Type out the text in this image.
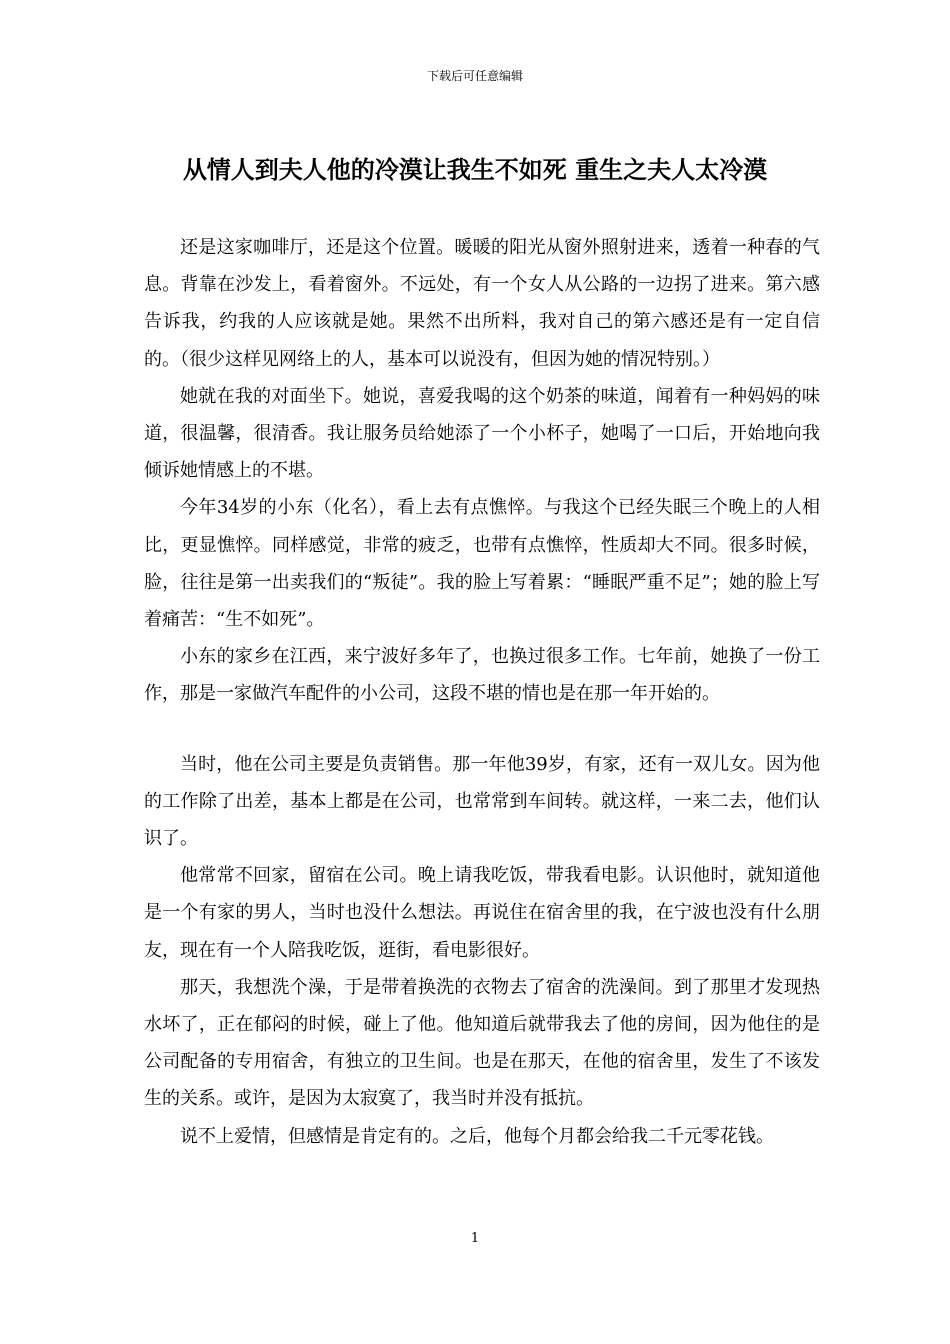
下载后可任意编辑
从情人到夫人他的冷漠让我生不如死 重生之夫人太冷漠

还是这家咖啡厅，还是这个位置。暖暖的阳光从窗外照射进来，透着一种春的气息。背靠在沙发上，看着窗外。不远处，有一个女人从公路的一边拐了进来。第六感告诉我，约我的人应该就是她。果然不出所料，我对自己的第六感还是有一定自信的。（很少这样见网络上的人，基本可以说没有，但因为她的情况特别。）

她就在我的对面坐下。她说，喜爱我喝的这个奶茶的味道，闻着有一种妈妈的味道，很温馨，很清香。我让服务员给她添了一个小杯子，她喝了一口后，开始地向我倾诉她情感上的不堪。

今年34岁的小东（化名），看上去有点憔悴。与我这个已经失眠三个晚上的人相比，更显憔悴。同样感觉，非常的疲乏，也带有点憔悴，性质却大不同。很多时候，脸，往往是第一出卖我们的“叛徒”。我的脸上写着累：“睡眠严重不足”；她的脸上写着痛苦：“生不如死”。

小东的家乡在江西，来宁波好多年了，也换过很多工作。七年前，她换了一份工作，那是一家做汽车配件的小公司，这段不堪的情也是在那一年开始的。

当时，他在公司主要是负责销售。那一年他39岁，有家，还有一双儿女。因为他的工作除了出差，基本上都是在公司，也常常到车间转。就这样，一来二去，他们认识了。

他常常不回家，留宿在公司。晚上请我吃饭，带我看电影。认识他时，就知道他是一个有家的男人，当时也没什么想法。再说住在宿舍里的我，在宁波也没有什么朋友，现在有一个人陪我吃饭，逛街，看电影很好。

那天，我想洗个澡，于是带着换洗的衣物去了宿舍的洗澡间。到了那里才发现热水坏了，正在郁闷的时候，碰上了他。他知道后就带我去了他的房间，因为他住的是公司配备的专用宿舍，有独立的卫生间。也是在那天，在他的宿舍里，发生了不该发生的关系。或许，是因为太寂寞了，我当时并没有抵抗。

说不上爱情，但感情是肯定有的。之后，他每个月都会给我二千元零花钱。

1
